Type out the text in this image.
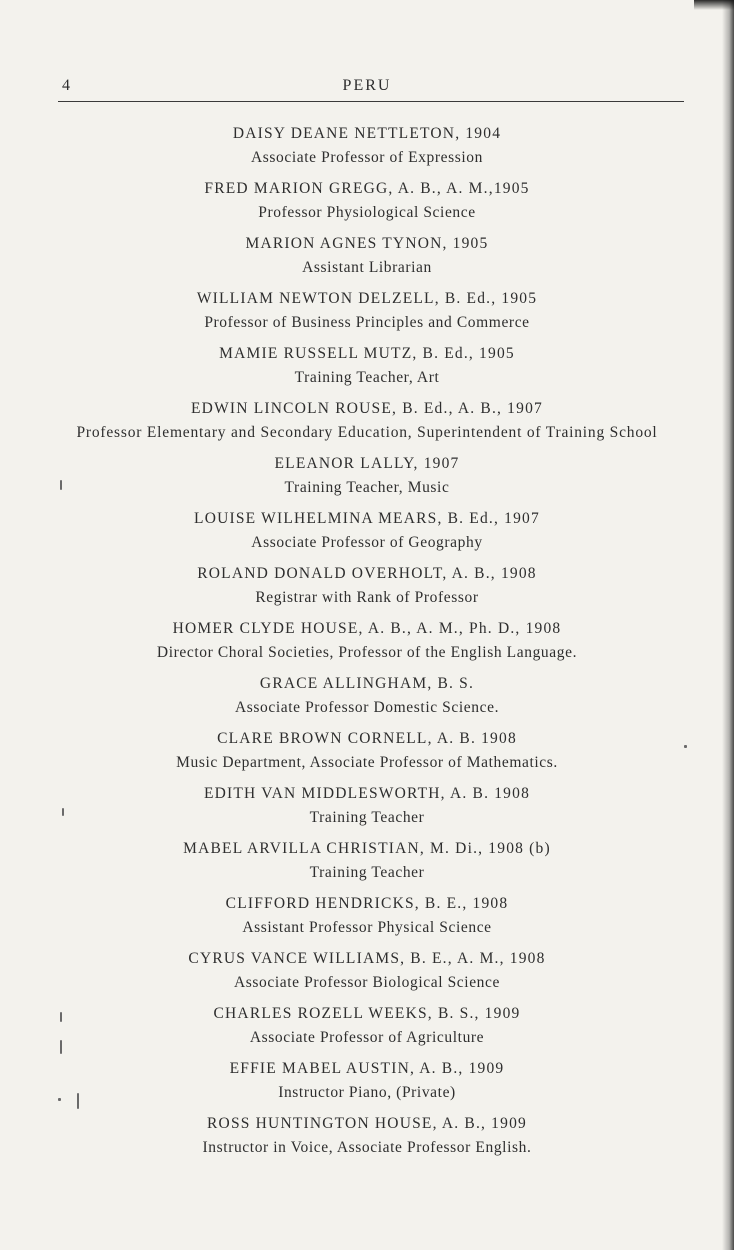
4	PERU
DAISY DEANE NETTLETON, 1904
Associate Professor of Expression
FRED MARION GREGG, A. B., A. M.,1905
Professor Physiological Science
MARION AGNES TYNON, 1905
Assistant Librarian
WILLIAM NEWTON DELZELL, B. Ed., 1905
Professor of Business Principles and Commerce
MAMIE RUSSELL MUTZ, B. Ed., 1905
Training Teacher, Art
EDWIN LINCOLN ROUSE, B. Ed., A. B., 1907
Professor Elementary and Secondary Education, Superintendent of Training School
ELEANOR LALLY, 1907
Training Teacher, Music
LOUISE WILHELMINA MEARS, B. Ed., 1907
Associate Professor of Geography
ROLAND DONALD OVERHOLT, A. B., 1908
Registrar with Rank of Professor
HOMER CLYDE HOUSE, A. B., A. M., Ph. D., 1908
Director Choral Societies, Professor of the English Language.
GRACE ALLINGHAM, B. S.
Associate Professor Domestic Science.
CLARE BROWN CORNELL, A. B. 1908
Music Department, Associate Professor of Mathematics.
EDITH VAN MIDDLESWORTH, A. B. 1908
Training Teacher
MABEL ARVILLA CHRISTIAN, M. Di., 1908 (b)
Training Teacher
CLIFFORD HENDRICKS, B. E., 1908
Assistant Professor Physical Science
CYRUS VANCE WILLIAMS, B. E., A. M., 1908
Associate Professor Biological Science
CHARLES ROZELL WEEKS, B. S., 1909
Associate Professor of Agriculture
EFFIE MABEL AUSTIN, A. B., 1909
Instructor Piano, (Private)
ROSS HUNTINGTON HOUSE, A. B., 1909
Instructor in Voice, Associate Professor English.
